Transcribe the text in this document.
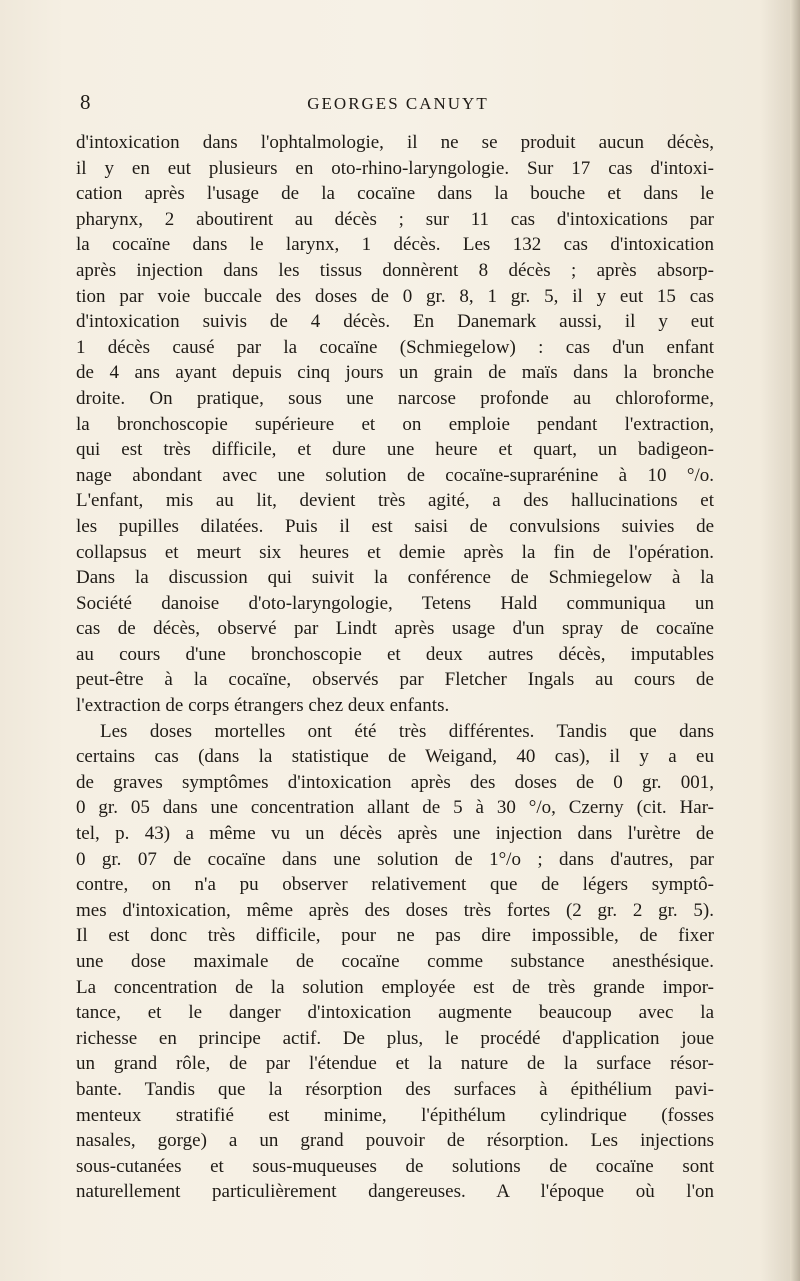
8	GEORGES CANUYT
d'intoxication dans l'ophtalmologie, il ne se produit aucun décès,
il y en eut plusieurs en oto-rhino-laryngologie. Sur 17 cas d'intoxi-
cation après l'usage de la cocaïne dans la bouche et dans le
pharynx, 2 aboutirent au décès ; sur 11 cas d'intoxications par
la cocaïne dans le larynx, 1 décès. Les 132 cas d'intoxication
après injection dans les tissus donnèrent 8 décès ; après absorp-
tion par voie buccale des doses de 0 gr. 8, 1 gr. 5, il y eut 15 cas
d'intoxication suivis de 4 décès. En Danemark aussi, il y eut
1 décès causé par la cocaïne (Schmiegelow) : cas d'un enfant
de 4 ans ayant depuis cinq jours un grain de maïs dans la bronche
droite. On pratique, sous une narcose profonde au chloroforme,
la bronchoscopie supérieure et on emploie pendant l'extraction,
qui est très difficile, et dure une heure et quart, un badigeon-
nage abondant avec une solution de cocaïne-suprarénine à 10 °/o.
L'enfant, mis au lit, devient très agité, a des hallucinations et
les pupilles dilatées. Puis il est saisi de convulsions suivies de
collapsus et meurt six heures et demie après la fin de l'opération.
Dans la discussion qui suivit la conférence de Schmiegelow à la
Société danoise d'oto-laryngologie, Tetens Hald communiqua un
cas de décès, observé par Lindt après usage d'un spray de cocaïne
au cours d'une bronchoscopie et deux autres décès, imputables
peut-être à la cocaïne, observés par Fletcher Ingals au cours de
l'extraction de corps étrangers chez deux enfants.
Les doses mortelles ont été très différentes. Tandis que dans
certains cas (dans la statistique de Weigand, 40 cas), il y a eu
de graves symptômes d'intoxication après des doses de 0 gr. 001,
0 gr. 05 dans une concentration allant de 5 à 30 °/o, Czerny (cit. Har-
tel, p. 43) a même vu un décès après une injection dans l'urètre de
0 gr. 07 de cocaïne dans une solution de 1°/o ; dans d'autres, par
contre, on n'a pu observer relativement que de légers symptô-
mes d'intoxication, même après des doses très fortes (2 gr. 2 gr. 5).
Il est donc très difficile, pour ne pas dire impossible, de fixer
une dose maximale de cocaïne comme substance anesthésique.
La concentration de la solution employée est de très grande impor-
tance, et le danger d'intoxication augmente beaucoup avec la
richesse en principe actif. De plus, le procédé d'application joue
un grand rôle, de par l'étendue et la nature de la surface résor-
bante. Tandis que la résorption des surfaces à épithélium pavi-
menteux stratifié est minime, l'épithélum cylindrique (fosses
nasales, gorge) a un grand pouvoir de résorption. Les injections
sous-cutanées et sous-muqueuses de solutions de cocaïne sont
naturellement particulièrement dangereuses. A l'époque où l'on
